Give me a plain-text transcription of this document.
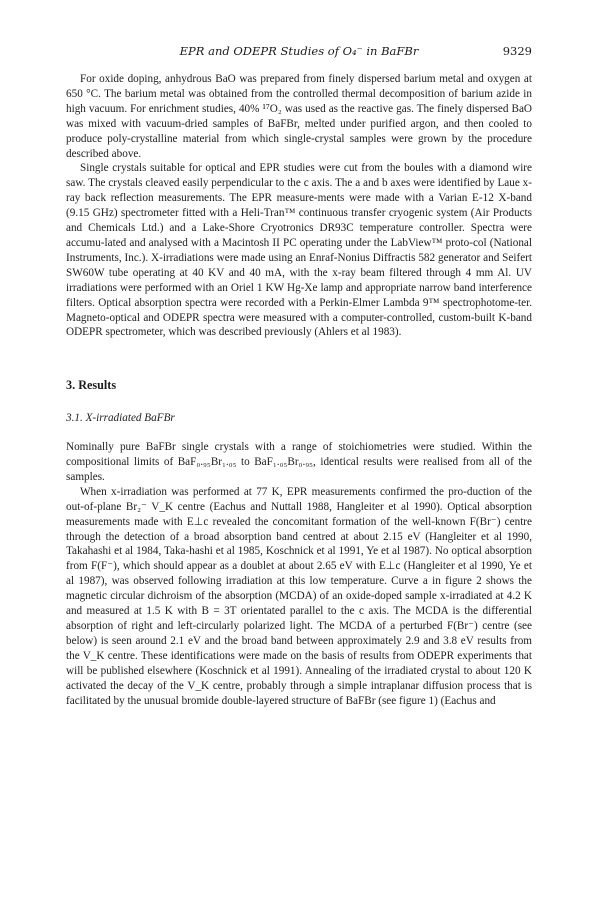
EPR and ODEPR Studies of O₄⁻ in BaFBr	9329

For oxide doping, anhydrous BaO was prepared from finely dispersed barium metal and oxygen at 650 °C. The barium metal was obtained from the controlled thermal decomposition of barium azide in high vacuum. For enrichment studies, 40% ¹⁷O₂ was used as the reactive gas. The finely dispersed BaO was mixed with vacuum-dried samples of BaFBr, melted under purified argon, and then cooled to produce poly-crystalline material from which single-crystal samples were grown by the procedure described above.

Single crystals suitable for optical and EPR studies were cut from the boules with a diamond wire saw. The crystals cleaved easily perpendicular to the c axis. The a and b axes were identified by Laue x-ray back reflection measurements. The EPR measure-ments were made with a Varian E-12 X-band (9.15 GHz) spectrometer fitted with a Heli-Tran™ continuous transfer cryogenic system (Air Products and Chemicals Ltd.) and a Lake-Shore Cryotronics DR93C temperature controller. Spectra were accumu-lated and analysed with a Macintosh II PC operating under the LabView™ proto-col (National Instruments, Inc.). X-irradiations were made using an Enraf-Nonius Diffractis 582 generator and Seifert SW60W tube operating at 40 KV and 40 mA, with the x-ray beam filtered through 4 mm Al. UV irradiations were performed with an Oriel 1 KW Hg-Xe lamp and appropriate narrow band interference filters. Optical absorption spectra were recorded with a Perkin-Elmer Lambda 9™ spectrophotome-ter. Magneto-optical and ODEPR spectra were measured with a computer-controlled, custom-built K-band ODEPR spectrometer, which was described previously (Ahlers et al 1983).

3. Results
3.1. X-irradiated BaFBr

Nominally pure BaFBr single crystals with a range of stoichiometries were studied. Within the compositional limits of BaF₀.₉₅Br₁.₀₅ to BaF₁.₀₅Br₀.₉₅, identical results were realised from all of the samples.

When x-irradiation was performed at 77 K, EPR measurements confirmed the pro-duction of the out-of-plane Br₂⁻ V_K centre (Eachus and Nuttall 1988, Hangleiter et al 1990). Optical absorption measurements made with E⊥c revealed the concomitant formation of the well-known F(Br⁻) centre through the detection of a broad absorption band centred at about 2.15 eV (Hangleiter et al 1990, Takahashi et al 1984, Taka-hashi et al 1985, Koschnick et al 1991, Ye et al 1987). No optical absorption from F(F⁻), which should appear as a doublet at about 2.65 eV with E⊥c (Hangleiter et al 1990, Ye et al 1987), was observed following irradiation at this low temperature. Curve a in figure 2 shows the magnetic circular dichroism of the absorption (MCDA) of an oxide-doped sample x-irradiated at 4.2 K and measured at 1.5 K with B = 3T orientated parallel to the c axis. The MCDA is the differential absorption of right and left-circularly polarized light. The MCDA of a perturbed F(Br⁻) centre (see below) is seen around 2.1 eV and the broad band between approximately 2.9 and 3.8 eV results from the V_K centre. These identifications were made on the basis of results from ODEPR experiments that will be published elsewhere (Koschnick et al 1991). Annealing of the irradiated crystal to about 120 K activated the decay of the V_K centre, probably through a simple intraplanar diffusion process that is facilitated by the unusual bromide double-layered structure of BaFBr (see figure 1) (Eachus and
